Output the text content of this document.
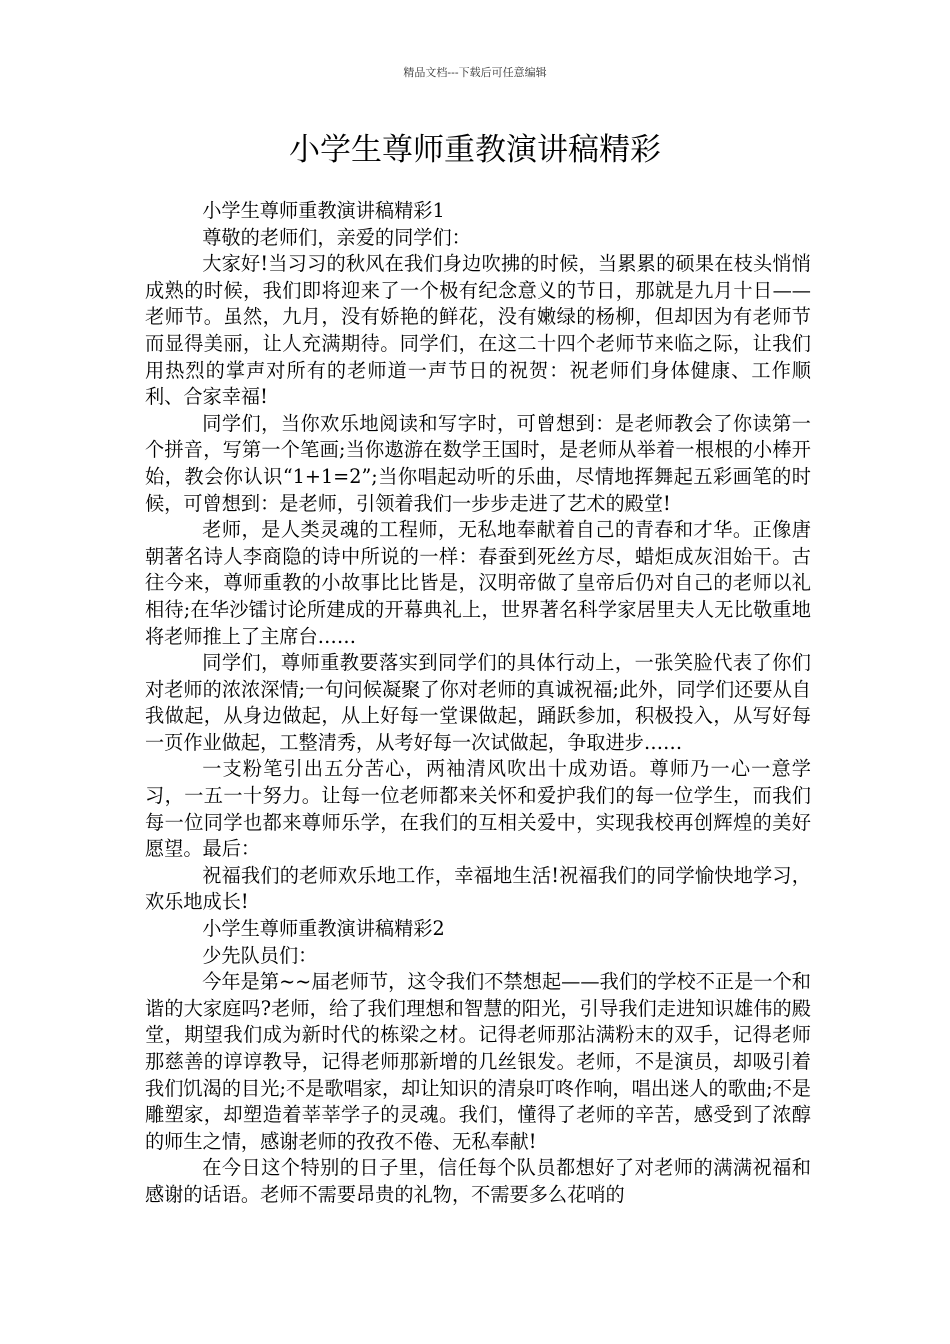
精品文档---下载后可任意编辑
小学生尊师重教演讲稿精彩

小学生尊师重教演讲稿精彩1

尊敬的老师们，亲爱的同学们：

大家好!当习习的秋风在我们身边吹拂的时候，当累累的硕果在枝头悄悄成熟的时候，我们即将迎来了一个极有纪念意义的节日，那就是九月十日——老师节。虽然，九月，没有娇艳的鲜花，没有嫩绿的杨柳，但却因为有老师节而显得美丽，让人充满期待。同学们，在这二十四个老师节来临之际，让我们用热烈的掌声对所有的老师道一声节日的祝贺：祝老师们身体健康、工作顺利、合家幸福!

同学们，当你欢乐地阅读和写字时，可曾想到：是老师教会了你读第一个拼音，写第一个笔画;当你遨游在数学王国时，是老师从举着一根根的小棒开始，教会你认识“1+1=2”;当你唱起动听的乐曲，尽情地挥舞起五彩画笔的时候，可曾想到：是老师，引领着我们一步步走进了艺术的殿堂!

老师，是人类灵魂的工程师，无私地奉献着自己的青春和才华。正像唐朝著名诗人李商隐的诗中所说的一样：春蚕到死丝方尽，蜡炬成灰泪始干。古往今来，尊师重教的小故事比比皆是，汉明帝做了皇帝后仍对自己的老师以礼相待;在华沙镭讨论所建成的开幕典礼上，世界著名科学家居里夫人无比敬重地将老师推上了主席台……

同学们，尊师重教要落实到同学们的具体行动上，一张笑脸代表了你们对老师的浓浓深情;一句问候凝聚了你对老师的真诚祝福;此外，同学们还要从自我做起，从身边做起，从上好每一堂课做起，踊跃参加，积极投入，从写好每一页作业做起，工整清秀，从考好每一次试做起，争取进步……

一支粉笔引出五分苦心，两袖清风吹出十成劝语。尊师乃一心一意学习，一五一十努力。让每一位老师都来关怀和爱护我们的每一位学生，而我们每一位同学也都来尊师乐学，在我们的互相关爱中，实现我校再创辉煌的美好愿望。最后：

祝福我们的老师欢乐地工作，幸福地生活!祝福我们的同学愉快地学习，欢乐地成长!

小学生尊师重教演讲稿精彩2

少先队员们：

今年是第~~届老师节，这令我们不禁想起——我们的学校不正是一个和谐的大家庭吗?老师，给了我们理想和智慧的阳光，引导我们走进知识雄伟的殿堂，期望我们成为新时代的栋梁之材。记得老师那沾满粉末的双手，记得老师那慈善的谆谆教导，记得老师那新增的几丝银发。老师，不是演员，却吸引着我们饥渴的目光;不是歌唱家，却让知识的清泉叮咚作响，唱出迷人的歌曲;不是雕塑家，却塑造着莘莘学子的灵魂。我们，懂得了老师的辛苦，感受到了浓醇的师生之情，感谢老师的孜孜不倦、无私奉献!

在今日这个特别的日子里，信任每个队员都想好了对老师的满满祝福和感谢的话语。老师不需要昂贵的礼物，不需要多么花哨的
